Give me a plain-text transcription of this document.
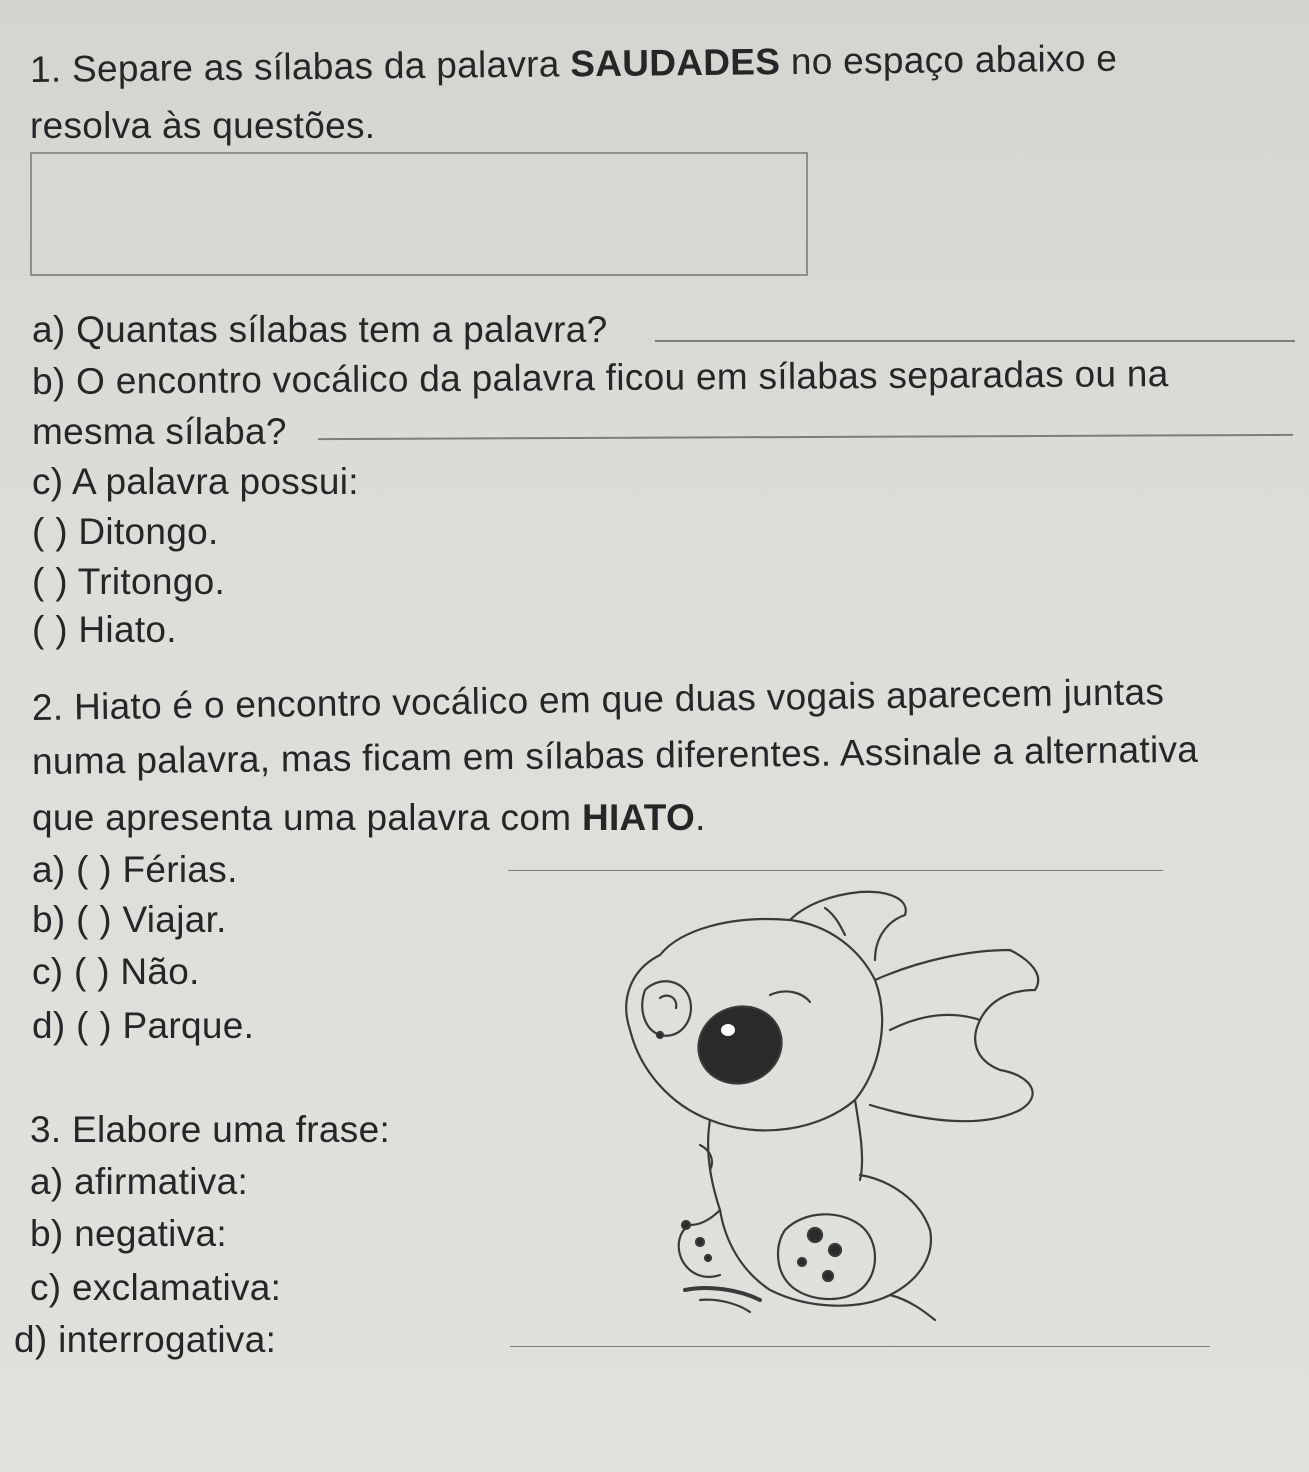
1. Separe as sílabas da palavra SAUDADES no espaço abaixo e
resolva às questões.
a) Quantas sílabas tem a palavra?
b) O encontro vocálico da palavra ficou em sílabas separadas ou na
mesma sílaba?
c) A palavra possui:
( ) Ditongo.
( ) Tritongo.
( ) Hiato.
2. Hiato é o encontro vocálico em que duas vogais aparecem juntas
numa palavra, mas ficam em sílabas diferentes. Assinale a alternativa
que apresenta uma palavra com HIATO.
a) ( ) Férias.
b) ( ) Viajar.
c) ( ) Não.
d) ( ) Parque.
3. Elabore uma frase:
a) afirmativa:
b) negativa:
c) exclamativa:
d) interrogativa:
